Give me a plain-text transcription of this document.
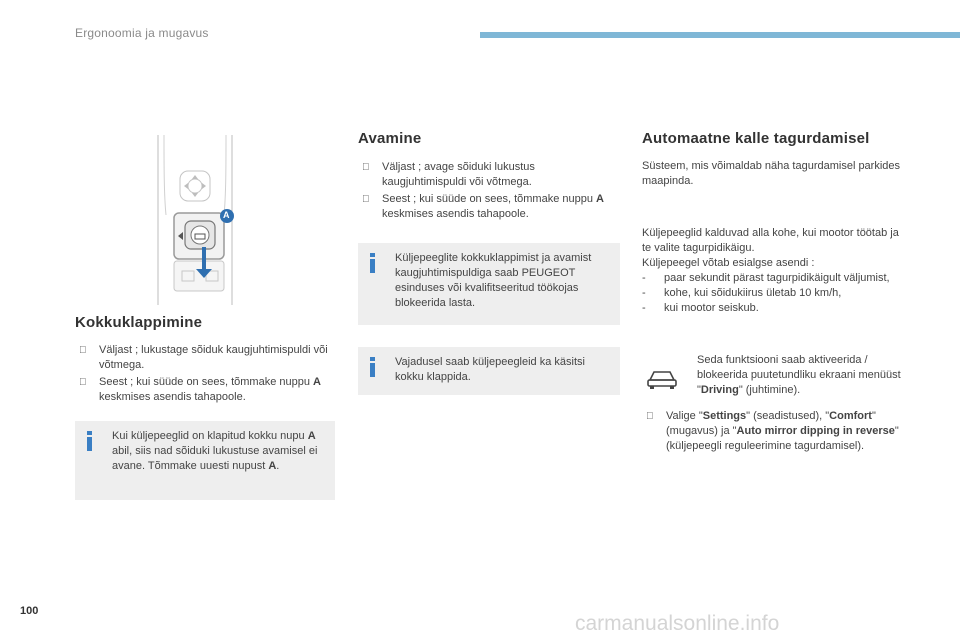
Ergonoomia ja mugavus
A
Kokkuklappimine
Väljast ; lukustage sõiduk kaugjuhtimispuldi või võtmega.
Seest ; kui süüde on sees, tõmmake nuppu A keskmises asendis tahapoole.
Kui küljepeeglid on klapitud kokku nupu A abil, siis nad sõiduki lukustuse avamisel ei avane. Tõmmake uuesti nupust A.
Avamine
Väljast ; avage sõiduki lukustus kaugjuhtimispuldi või võtmega.
Seest ; kui süüde on sees, tõmmake nuppu A keskmises asendis tahapoole.
Küljepeeglite kokkuklappimist ja avamist kaugjuhtimispuldiga saab PEUGEOT esinduses või kvalifitseeritud töökojas blokeerida lasta.
Vajadusel saab küljepeegleid ka käsitsi kokku klappida.
Automaatne kalle tagurdamisel
Süsteem, mis võimaldab näha tagurdamisel parkides maapinda.
Küljepeeglid kalduvad alla kohe, kui mootor töötab ja te valite tagurpidikäigu.
Küljepeegel võtab esialgse asendi :
- paar sekundit pärast tagurpidikäigult väljumist,
- kohe, kui sõidukiirus ületab 10 km/h,
- kui mootor seiskub.
Seda funktsiooni saab aktiveerida / blokeerida puutetundliku ekraani menüüst "Driving" (juhtimine).
Valige "Settings" (seadistused), "Comfort" (mugavus) ja "Auto mirror dipping in reverse" (küljepeegli reguleerimine tagurdamisel).
100
carmanualsonline.info
